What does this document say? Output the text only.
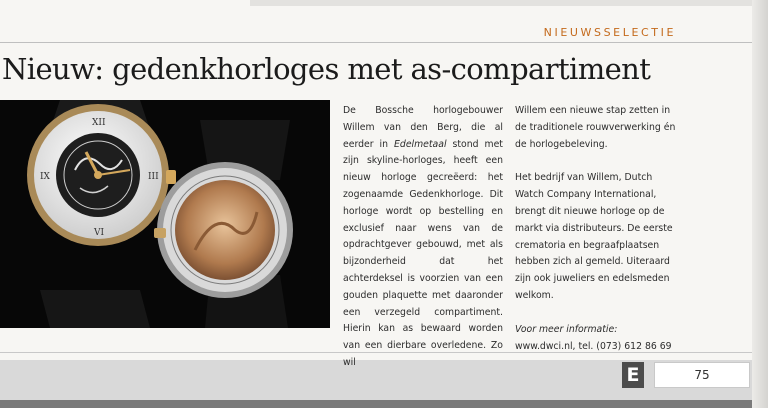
NIEUWSSELECTIE
Nieuw: gedenkhorloges met as-compartiment
XII
III
VI
IX

De Bossche horlogebouwer Willem van den Berg, die al eerder in Edelmetaal stond met zijn skyline-horloges, heeft een nieuw horloge gecreëerd: het zogenaamde Gedenkhorloge. Dit horloge wordt op bestelling en exclusief naar wens van de opdrachtgever gebouwd, met als bijzonderheid dat het achterdeksel is voorzien van een gouden plaquette met daaronder een verzegeld compartiment. Hierin kan as bewaard worden van een dierbare overledene. Zo wil

Willem een nieuwe stap zetten in de traditionele rouwverwerking én de horlogebeleving.

Het bedrijf van Willem, Dutch Watch Company International, brengt dit nieuwe horloge op de markt via distributeurs. De eerste crematoria en begraafplaatsen hebben zich al gemeld. Uiteraard zijn ook juweliers en edelsmeden welkom.

Voor meer informatie:

www.dwci.nl, tel. (073) 612 86 69

E	75
